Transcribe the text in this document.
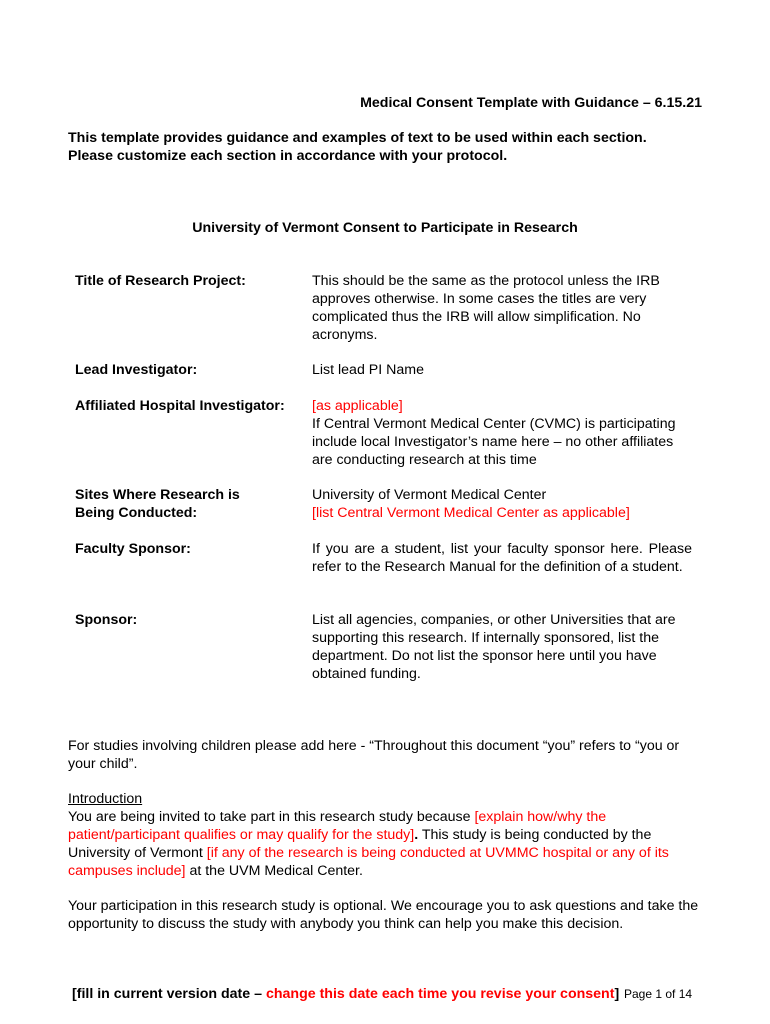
Medical Consent Template with Guidance – 6.15.21
This template provides guidance and examples of text to be used within each section.
Please customize each section in accordance with your protocol.
University of Vermont Consent to Participate in Research
Title of Research Project:	This should be the same as the protocol unless the IRB approves otherwise. In some cases the titles are very complicated thus the IRB will allow simplification. No acronyms.
Lead Investigator:	List lead PI Name
Affiliated Hospital Investigator:	[as applicable]
If Central Vermont Medical Center (CVMC) is participating include local Investigator’s name here – no other affiliates are conducting research at this time
Sites Where Research is
Being Conducted:
University of Vermont Medical Center
[list Central Vermont Medical Center as applicable]
Faculty Sponsor:	If you are a student, list your faculty sponsor here. Please refer to the Research Manual for the definition of a student.
Sponsor:	List all agencies, companies, or other Universities that are supporting this research. If internally sponsored, list the department. Do not list the sponsor here until you have obtained funding.
For studies involving children please add here - “Throughout this document “you” refers to “you or your child”.
Introduction
You are being invited to take part in this research study because [explain how/why the patient/participant qualifies or may qualify for the study]. This study is being conducted by the University of Vermont [if any of the research is being conducted at UVMMC hospital or any of its campuses include] at the UVM Medical Center.
Your participation in this research study is optional. We encourage you to ask questions and take the opportunity to discuss the study with anybody you think can help you make this decision.
[fill in current version date – change this date each time you revise your consent] Page 1 of 14
